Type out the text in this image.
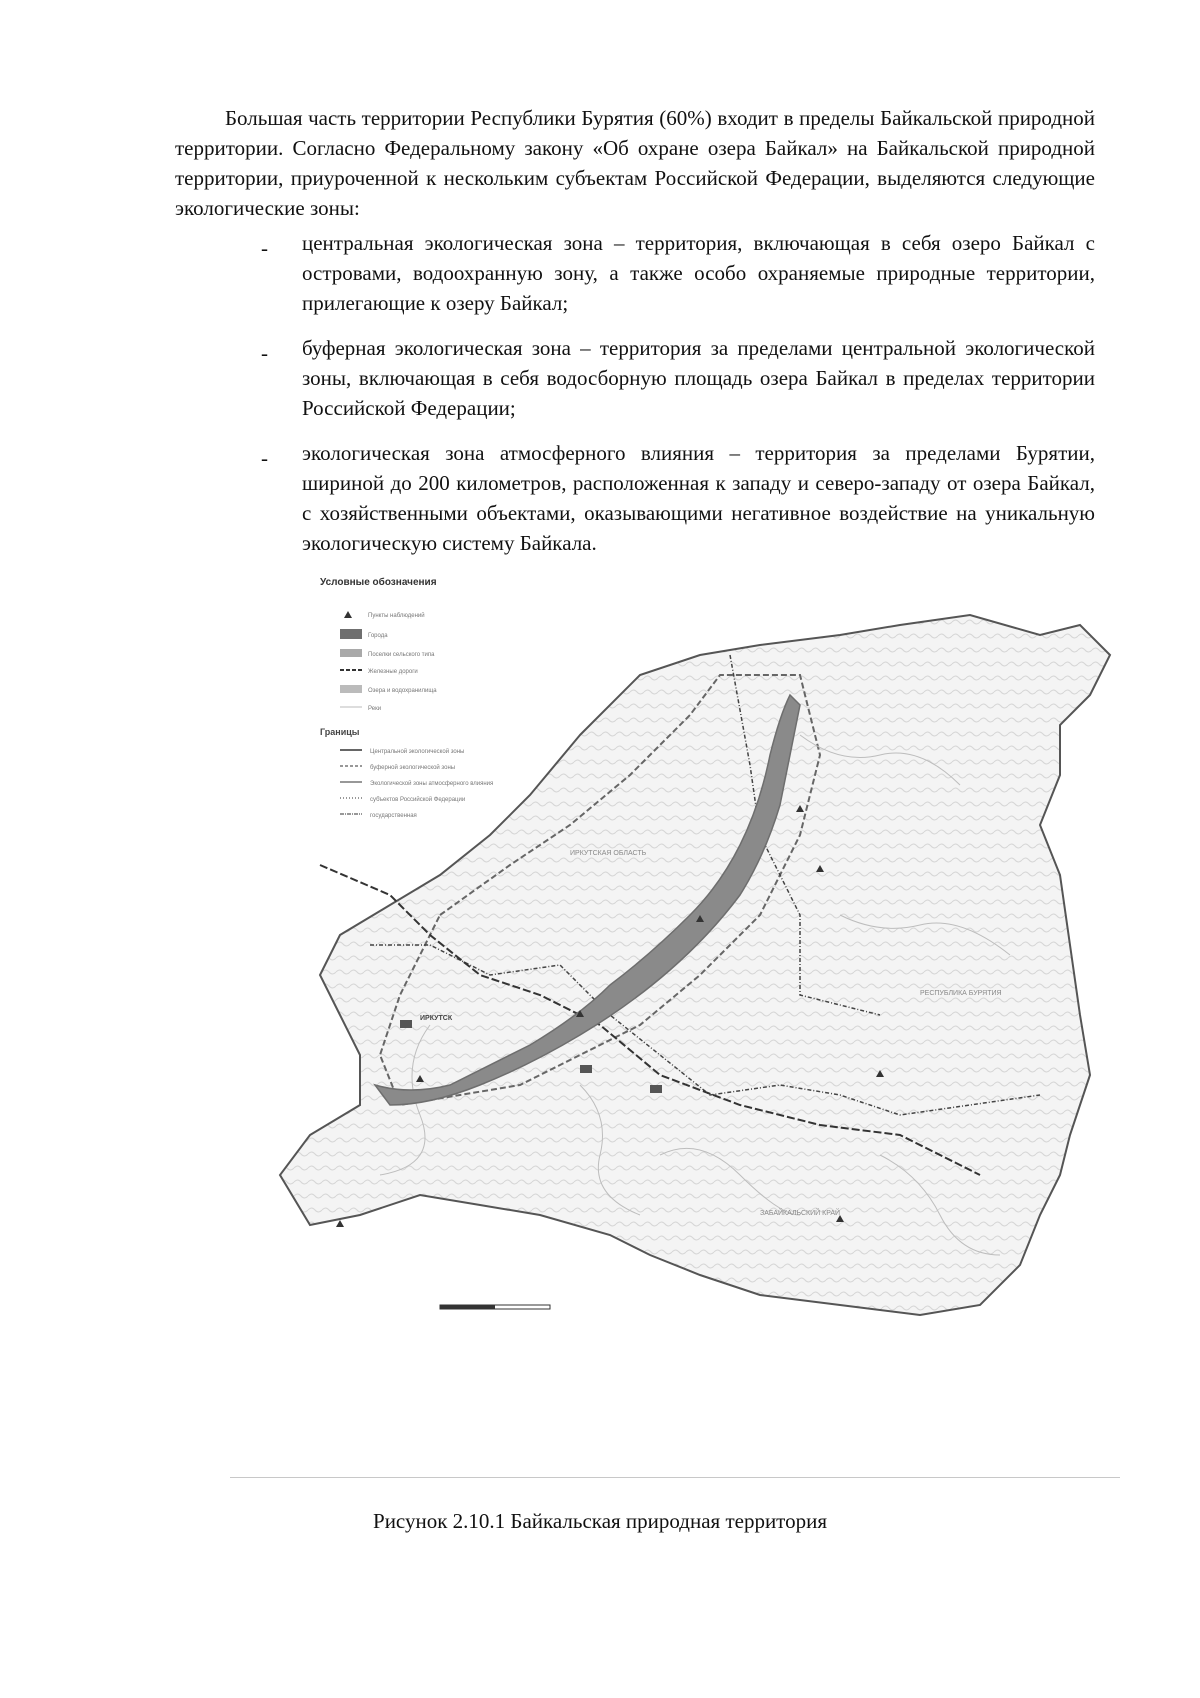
Большая часть территории Республики Бурятия (60%) входит в пределы Байкальской природной территории. Согласно Федеральному закону «Об охране озера Байкал» на Байкальской природной территории, приуроченной к нескольким субъектам Российской Федерации, выделяются следующие экологические зоны:

- центральная экологическая зона – территория, включающая в себя озеро Байкал с островами, водоохранную зону, а также особо охраняемые природные территории, прилегающие к озеру Байкал;

- буферная экологическая зона – территория за пределами центральной экологической зоны, включающая в себя водосборную площадь озера Байкал в пределах территории Российской Федерации;

- экологическая зона атмосферного влияния – территория за пределами Бурятии, шириной до 200 километров, расположенная к западу и северо-западу от озера Байкал, с хозяйственными объектами, оказывающими негативное воздействие на уникальную экологическую систему Байкала.

Условные обозначения
Пункты наблюдений
Города
Поселки сельского типа
Железные дороги
Озера и водохранилища
Реки
Границы
Центральной экологической зоны
буферной экологической зоны
Экологической зоны атмосферного влияния
субъектов Российской Федерации
государственная
ИРКУТСК
ИРКУТСКАЯ ОБЛАСТЬ
РЕСПУБЛИКА БУРЯТИЯ
ЗАБАЙКАЛЬСКИЙ КРАЙ
Рисунок 2.10.1 Байкальская природная территория
